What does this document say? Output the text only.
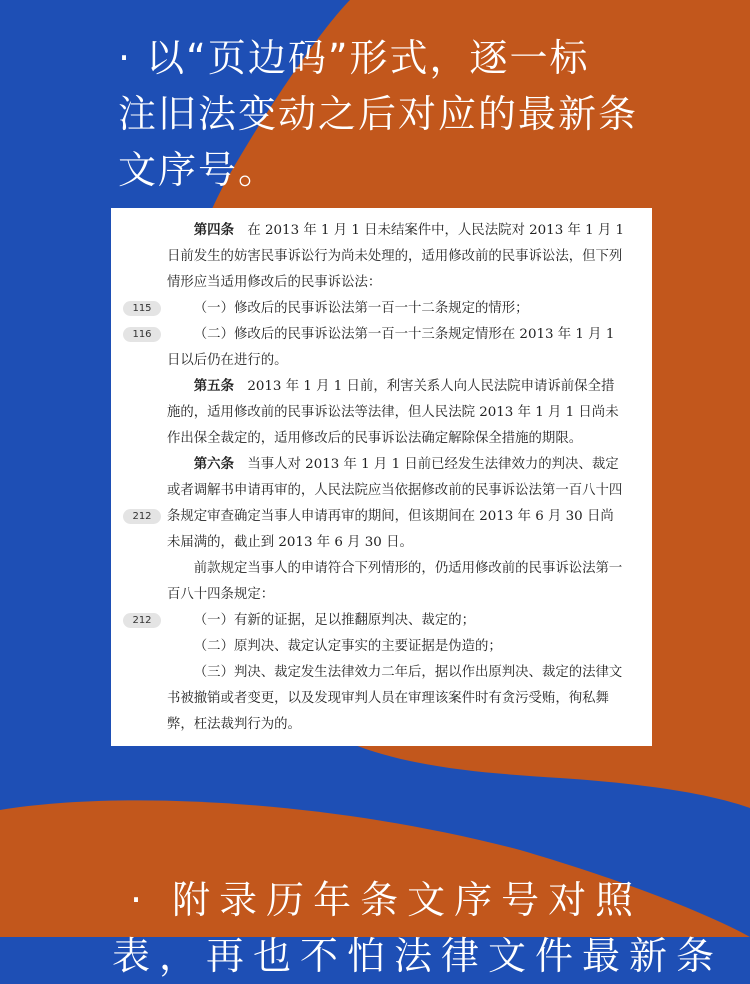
· 以“页边码”形式，逐一标
注旧法变动之后对应的最新条
文序号。
第四条　 在 2013 年 1 月 1 日未结案件中，人民法院对 2013 年 1 月 1 日前发生的妨害民事诉讼行为尚未处理的，适用修改前的民事诉讼法，但下列情形应当适用修改后的民事诉讼法：
115	（一）修改后的民事诉讼法第一百一十二条规定的情形；
116	（二）修改后的民事诉讼法第一百一十三条规定情形在 2013 年 1 月 1 日以后仍在进行的。
第五条　 2013 年 1 月 1 日前，利害关系人向人民法院申请诉前保全措施的，适用修改前的民事诉讼法等法律，但人民法院 2013 年 1 月 1 日尚未作出保全裁定的，适用修改后的民事诉讼法确定解除保全措施的期限。
212
第六条　 当事人对 2013 年 1 月 1 日前已经发生法律效力的判决、裁定或者调解书申请再审的，人民法院应当依据修改前的民事诉讼法第一百八十四条规定审查确定当事人申请再审的期间，但该期间在 2013 年 6 月 30 日尚未届满的，截止到 2013 年 6 月 30 日。
212
前款规定当事人的申请符合下列情形的，仍适用修改前的民事诉讼法第一百八十四条规定：
（一）有新的证据，足以推翻原判决、裁定的；
（二）原判决、裁定认定事实的主要证据是伪造的；
（三）判决、裁定发生法律效力二年后，据以作出原判决、裁定的法律文书被撤销或者变更，以及发现审判人员在审理该案件时有贪污受贿，徇私舞弊，枉法裁判行为的。
· 附录历年条文序号对照
表，再也不怕法律文件最新条
